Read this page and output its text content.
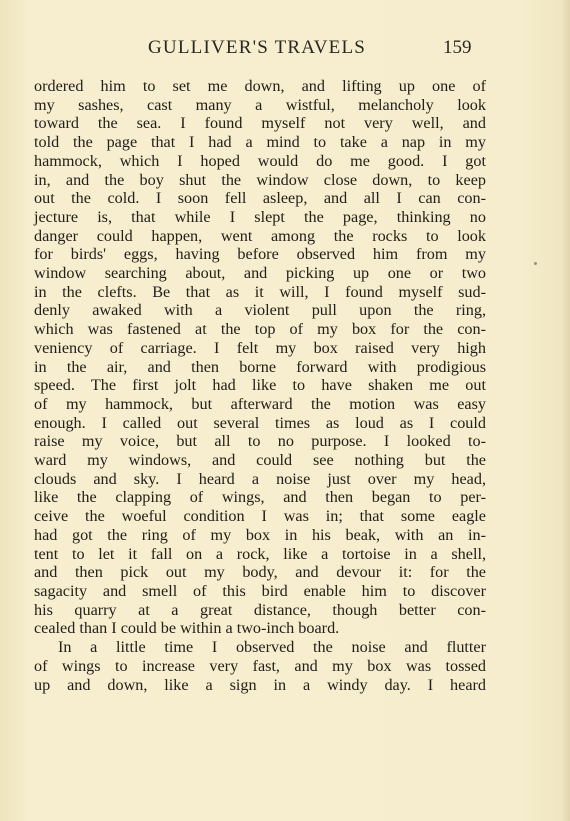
GULLIVER'S TRAVELS	159
ordered him to set me down, and lifting up one of
my sashes, cast many a wistful, melancholy look
toward the sea. I found myself not very well, and
told the page that I had a mind to take a nap in my
hammock, which I hoped would do me good. I got
in, and the boy shut the window close down, to keep
out the cold. I soon fell asleep, and all I can con-
jecture is, that while I slept the page, thinking no
danger could happen, went among the rocks to look
for birds' eggs, having before observed him from my
window searching about, and picking up one or two
in the clefts. Be that as it will, I found myself sud-
denly awaked with a violent pull upon the ring,
which was fastened at the top of my box for the con-
veniency of carriage. I felt my box raised very high
in the air, and then borne forward with prodigious
speed. The first jolt had like to have shaken me out
of my hammock, but afterward the motion was easy
enough. I called out several times as loud as I could
raise my voice, but all to no purpose. I looked to-
ward my windows, and could see nothing but the
clouds and sky. I heard a noise just over my head,
like the clapping of wings, and then began to per-
ceive the woeful condition I was in; that some eagle
had got the ring of my box in his beak, with an in-
tent to let it fall on a rock, like a tortoise in a shell,
and then pick out my body, and devour it: for the
sagacity and smell of this bird enable him to discover
his quarry at a great distance, though better con-
cealed than I could be within a two-inch board.
In a little time I observed the noise and flutter
of wings to increase very fast, and my box was tossed
up and down, like a sign in a windy day. I heard
